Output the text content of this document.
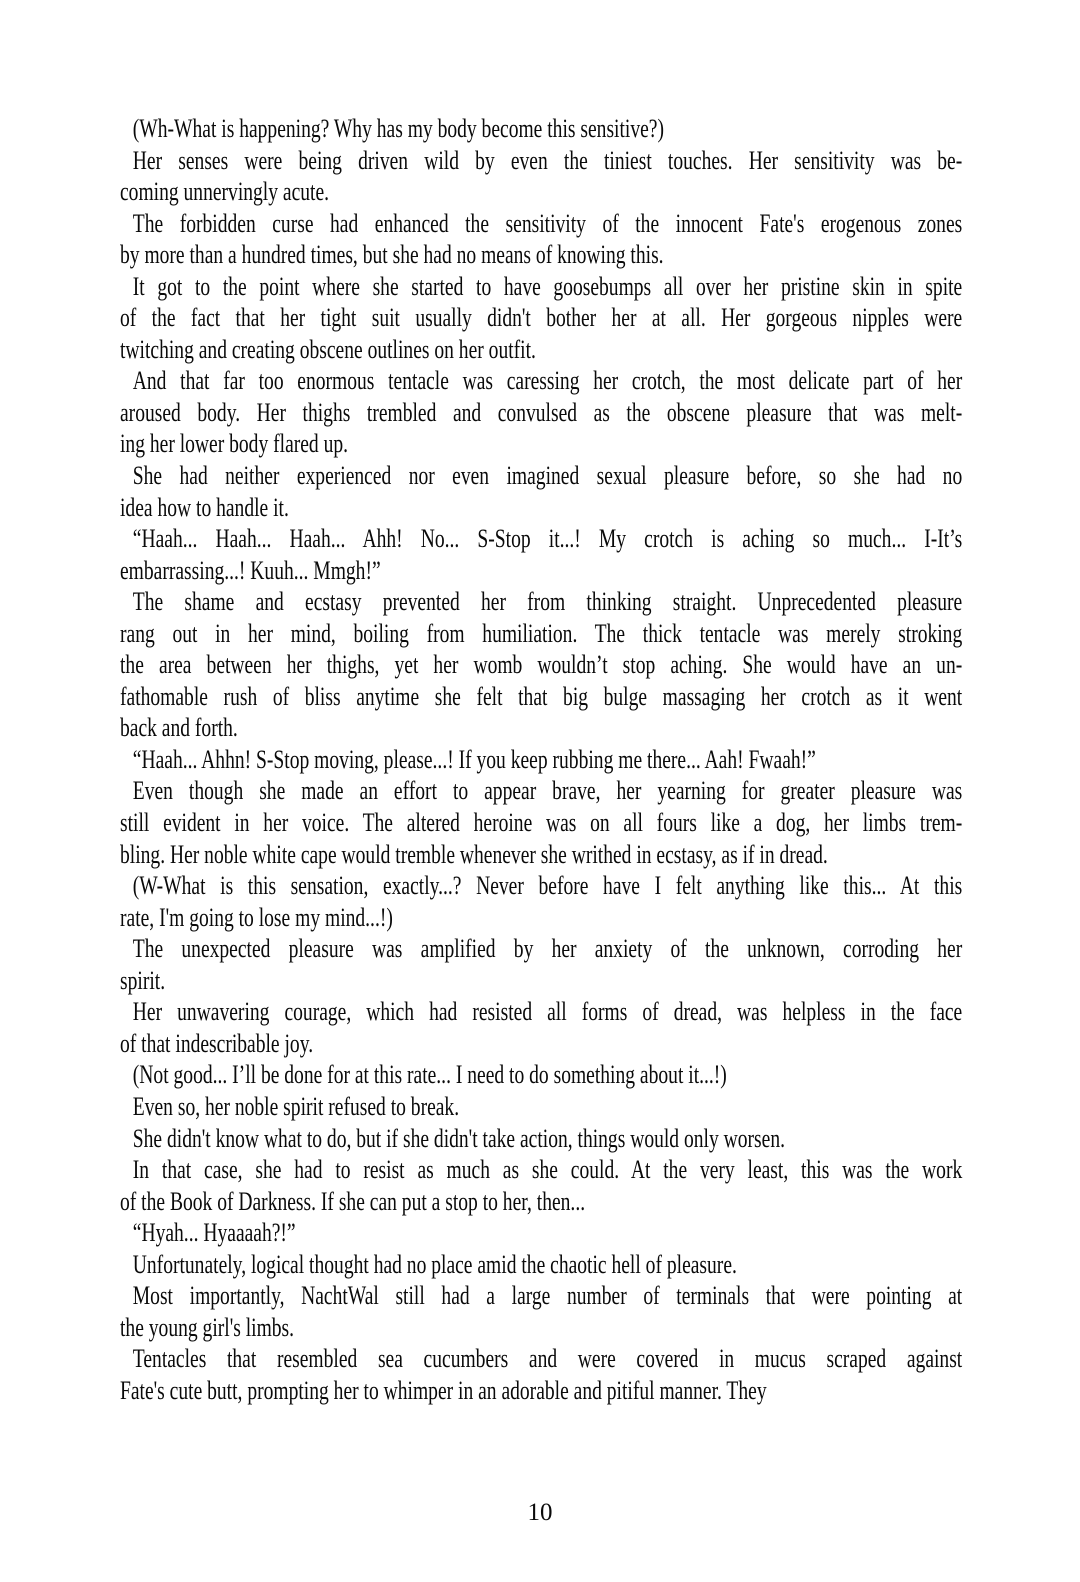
(Wh-What is happening? Why has my body become this sensitive?)
Her senses were being driven wild by even the tiniest touches. Her sensitivity was be-
coming unnervingly acute.
The forbidden curse had enhanced the sensitivity of the innocent Fate's erogenous zones
by more than a hundred times, but she had no means of knowing this.
It got to the point where she started to have goosebumps all over her pristine skin in spite
of the fact that her tight suit usually didn't bother her at all. Her gorgeous nipples were
twitching and creating obscene outlines on her outfit.
And that far too enormous tentacle was caressing her crotch, the most delicate part of her
aroused body. Her thighs trembled and convulsed as the obscene pleasure that was melt-
ing her lower body flared up.
She had neither experienced nor even imagined sexual pleasure before, so she had no
idea how to handle it.
“Haah... Haah... Haah... Ahh! No... S-Stop it...! My crotch is aching so much... I-It’s
embarrassing...! Kuuh... Mmgh!”
The shame and ecstasy prevented her from thinking straight. Unprecedented pleasure
rang out in her mind, boiling from humiliation. The thick tentacle was merely stroking
the area between her thighs, yet her womb wouldn’t stop aching. She would have an un-
fathomable rush of bliss anytime she felt that big bulge massaging her crotch as it went
back and forth.
“Haah... Ahhn! S-Stop moving, please...! If you keep rubbing me there... Aah! Fwaah!”
Even though she made an effort to appear brave, her yearning for greater pleasure was
still evident in her voice. The altered heroine was on all fours like a dog, her limbs trem-
bling. Her noble white cape would tremble whenever she writhed in ecstasy, as if in dread.
(W-What is this sensation, exactly...? Never before have I felt anything like this... At this
rate, I'm going to lose my mind...!)
The unexpected pleasure was amplified by her anxiety of the unknown, corroding her
spirit.
Her unwavering courage, which had resisted all forms of dread, was helpless in the face
of that indescribable joy.
(Not good... I’ll be done for at this rate... I need to do something about it...!)
Even so, her noble spirit refused to break.
She didn't know what to do, but if she didn't take action, things would only worsen.
In that case, she had to resist as much as she could. At the very least, this was the work
of the Book of Darkness. If she can put a stop to her, then...
“Hyah... Hyaaaah?!”
Unfortunately, logical thought had no place amid the chaotic hell of pleasure.
Most importantly, NachtWal still had a large number of terminals that were pointing at
the young girl's limbs.
Tentacles that resembled sea cucumbers and were covered in mucus scraped against
Fate's cute butt, prompting her to whimper in an adorable and pitiful manner. They
10
